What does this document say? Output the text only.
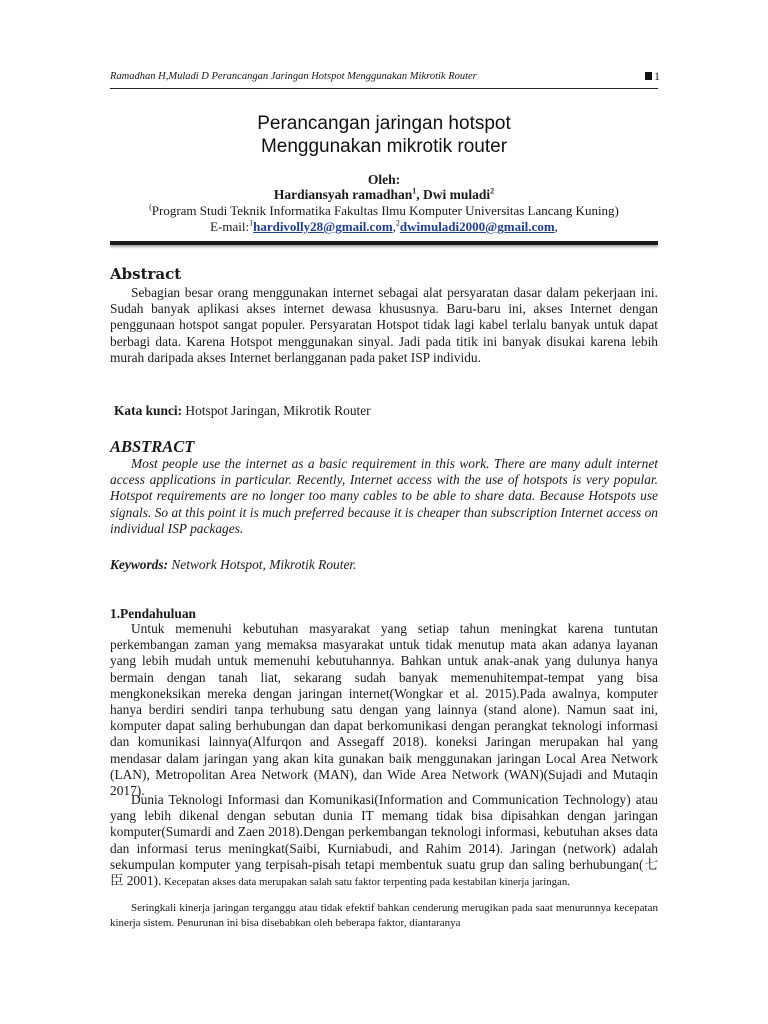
Ramadhan H,Muladi D Perancangan Jaringan Hotspot Menggunakan Mikrotik Router	1
Perancangan jaringan hotspot
Menggunakan mikrotik router
Oleh:
Hardiansyah ramadhan$^1$, Dwi muladi$^2$
(Program Studi Teknik Informatika Fakultas Ilmu Komputer Universitas Lancang Kuning)
E-mail:$^1$hardivolly28@gmail.com,$^2$dwimuladi2000@gmail.com,
Abstract

Sebagian besar orang menggunakan internet sebagai alat persyaratan dasar dalam pekerjaan ini. Sudah banyak aplikasi akses internet dewasa khususnya. Baru-baru ini, akses Internet dengan penggunaan hotspot sangat populer. Persyaratan Hotspot tidak lagi kabel terlalu banyak untuk dapat berbagi data. Karena Hotspot menggunakan sinyal. Jadi pada titik ini banyak disukai karena lebih murah daripada akses Internet berlangganan pada paket ISP individu.

Kata kunci: Hotspot Jaringan, Mikrotik Router
ABSTRACT

Most people use the internet as a basic requirement in this work. There are many adult internet access applications in particular. Recently, Internet access with the use of hotspots is very popular. Hotspot requirements are no longer too many cables to be able to share data. Because Hotspots use signals. So at this point it is much preferred because it is cheaper than subscription Internet access on individual ISP packages.

Keywords: Network Hotspot, Mikrotik Router.
1.Pendahuluan

Untuk memenuhi kebutuhan masyarakat yang setiap tahun meningkat karena tuntutan perkembangan zaman yang memaksa masyarakat untuk tidak menutup mata akan adanya layanan yang lebih mudah untuk memenuhi kebutuhannya. Bahkan untuk anak-anak yang dulunya hanya bermain dengan tanah liat, sekarang sudah banyak memenuhitempat-tempat yang bisa mengkoneksikan mereka dengan jaringan internet(Wongkar et al. 2015).Pada awalnya, komputer hanya berdiri sendiri tanpa terhubung satu dengan yang lainnya (stand alone). Namun saat ini, komputer dapat saling berhubungan dan dapat berkomunikasi dengan perangkat teknologi informasi dan komunikasi lainnya(Alfurqon and Assegaff 2018). koneksi Jaringan merupakan hal yang mendasar dalam jaringan yang akan kita gunakan baik menggunakan jaringan Local Area Network (LAN), Metropolitan Area Network (MAN), dan Wide Area Network (WAN)(Sujadi and Mutaqin 2017).

Dunia Teknologi Informasi dan Komunikasi(Information and Communication Technology) atau yang lebih dikenal dengan sebutan dunia IT memang tidak bisa dipisahkan dengan jaringan komputer(Sumardi and Zaen 2018).Dengan perkembangan teknologi informasi, kebutuhan akses data dan informasi terus meningkat(Saibi, Kurniabudi, and Rahim 2014). Jaringan (network) adalah sekumpulan komputer yang terpisah-pisah tetapi membentuk suatu grup dan saling berhubungan(七臣 2001). Kecepatan akses data merupakan salah satu faktor terpenting pada kestabilan kinerja jaringan.

Seringkali kinerja jaringan terganggu atau tidak efektif bahkan cenderung merugikan pada saat menurunnya kecepatan kinerja sistem. Penurunan ini bisa disebabkan oleh beberapa faktor, diantaranya
